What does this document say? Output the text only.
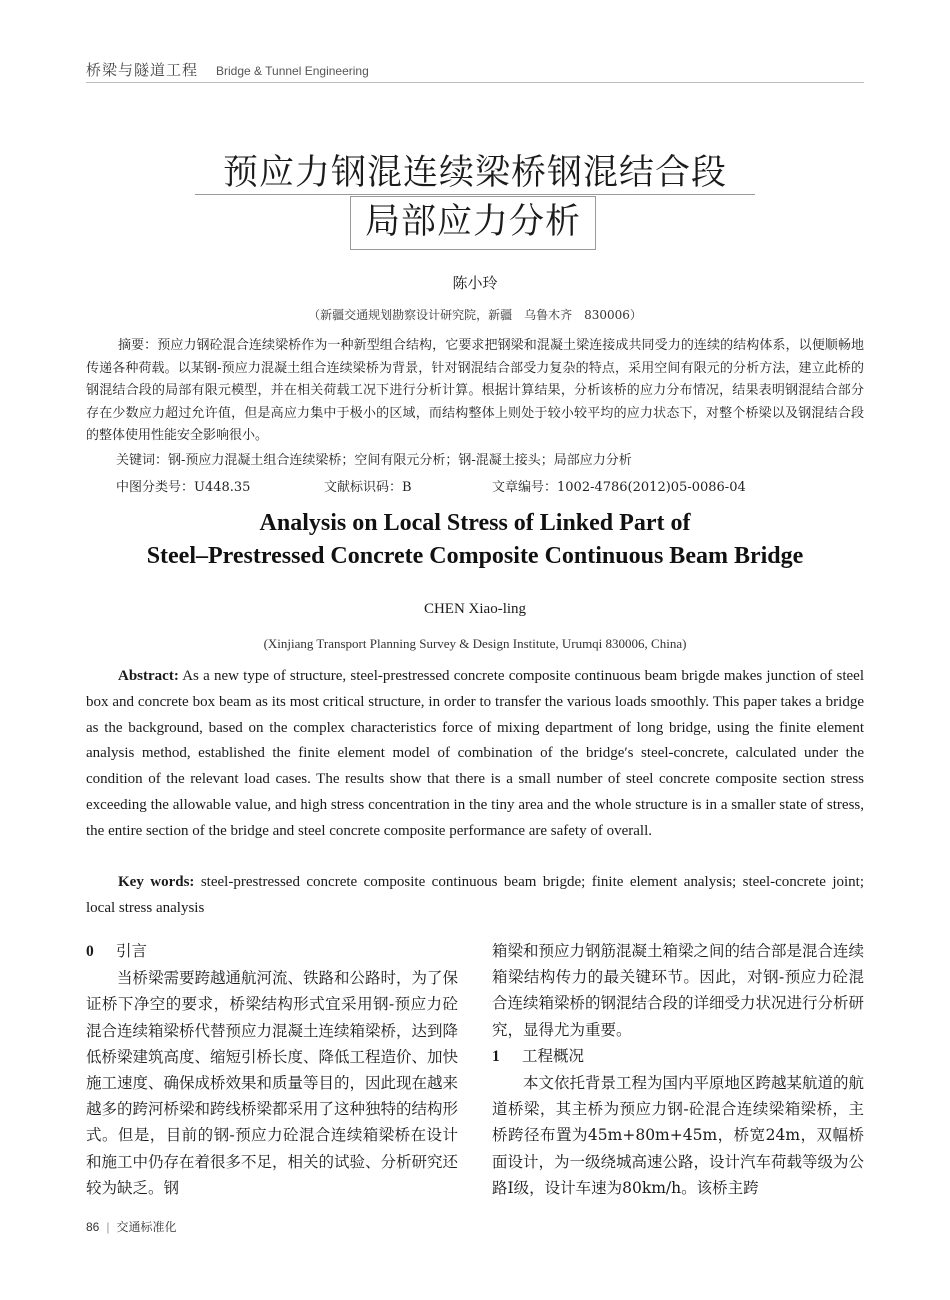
桥梁与隧道工程 Bridge & Tunnel Engineering
预应力钢混连续梁桥钢混结合段
局部应力分析
陈小玲
（新疆交通规划勘察设计研究院，新疆　乌鲁木齐　830006）
摘要：预应力钢砼混合连续梁桥作为一种新型组合结构，它要求把钢梁和混凝土梁连接成共同受力的连续的结构体系，以便顺畅地传递各种荷载。以某钢-预应力混凝土组合连续梁桥为背景，针对钢混结合部受力复杂的特点，采用空间有限元的分析方法，建立此桥的钢混结合段的局部有限元模型，并在相关荷载工况下进行分析计算。根据计算结果，分析该桥的应力分布情况，结果表明钢混结合部分存在少数应力超过允许值，但是高应力集中于极小的区域，而结构整体上则处于较小较平均的应力状态下，对整个桥梁以及钢混结合段的整体使用性能安全影响很小。
关键词：钢-预应力混凝土组合连续梁桥；空间有限元分析；钢-混凝土接头；局部应力分析
中图分类号：U448.35	文献标识码：B	文章编号：1002-4786(2012)05-0086-04
Analysis on Local Stress of Linked Part of
Steel–Prestressed Concrete Composite Continuous Beam Bridge
CHEN Xiao-ling
(Xinjiang Transport Planning Survey & Design Institute, Urumqi 830006, China)
Abstract: As a new type of structure, steel-prestressed concrete composite continuous beam brigde makes junction of steel box and concrete box beam as its most critical structure, in order to transfer the various loads smoothly. This paper takes a bridge as the background, based on the complex characteristics force of mixing department of long bridge, using the finite element analysis method, established the finite element model of combination of the bridge′s steel-concrete, calculated under the condition of the relevant load cases. The results show that there is a small number of steel concrete composite section stress exceeding the allowable value, and high stress concentration in the tiny area and the whole structure is in a smaller state of stress, the entire section of the bridge and steel concrete composite performance are safety of overall.
Key words: steel-prestressed concrete composite continuous beam brigde; finite element analysis; steel-concrete joint; local stress analysis
0 引言
当桥梁需要跨越通航河流、铁路和公路时，为了保证桥下净空的要求，桥梁结构形式宜采用钢-预应力砼混合连续箱梁桥代替预应力混凝土连续箱梁桥，达到降低桥梁建筑高度、缩短引桥长度、降低工程造价、加快施工速度、确保成桥效果和质量等目的，因此现在越来越多的跨河桥梁和跨线桥梁都采用了这种独特的结构形式。但是，目前的钢-预应力砼混合连续箱梁桥在设计和施工中仍存在着很多不足，相关的试验、分析研究还较为缺乏。钢
箱梁和预应力钢筋混凝土箱梁之间的结合部是混合连续箱梁结构传力的最关键环节。因此，对钢-预应力砼混合连续箱梁桥的钢混结合段的详细受力状况进行分析研究，显得尤为重要。
1 工程概况
本文依托背景工程为国内平原地区跨越某航道的航道桥梁，其主桥为预应力钢-砼混合连续梁箱梁桥，主桥跨径布置为45m+80m+45m，桥宽24m，双幅桥面设计，为一级绕城高速公路，设计汽车荷载等级为公路Ⅰ级，设计车速为80km/h。该桥主跨
86 | 交通标准化
